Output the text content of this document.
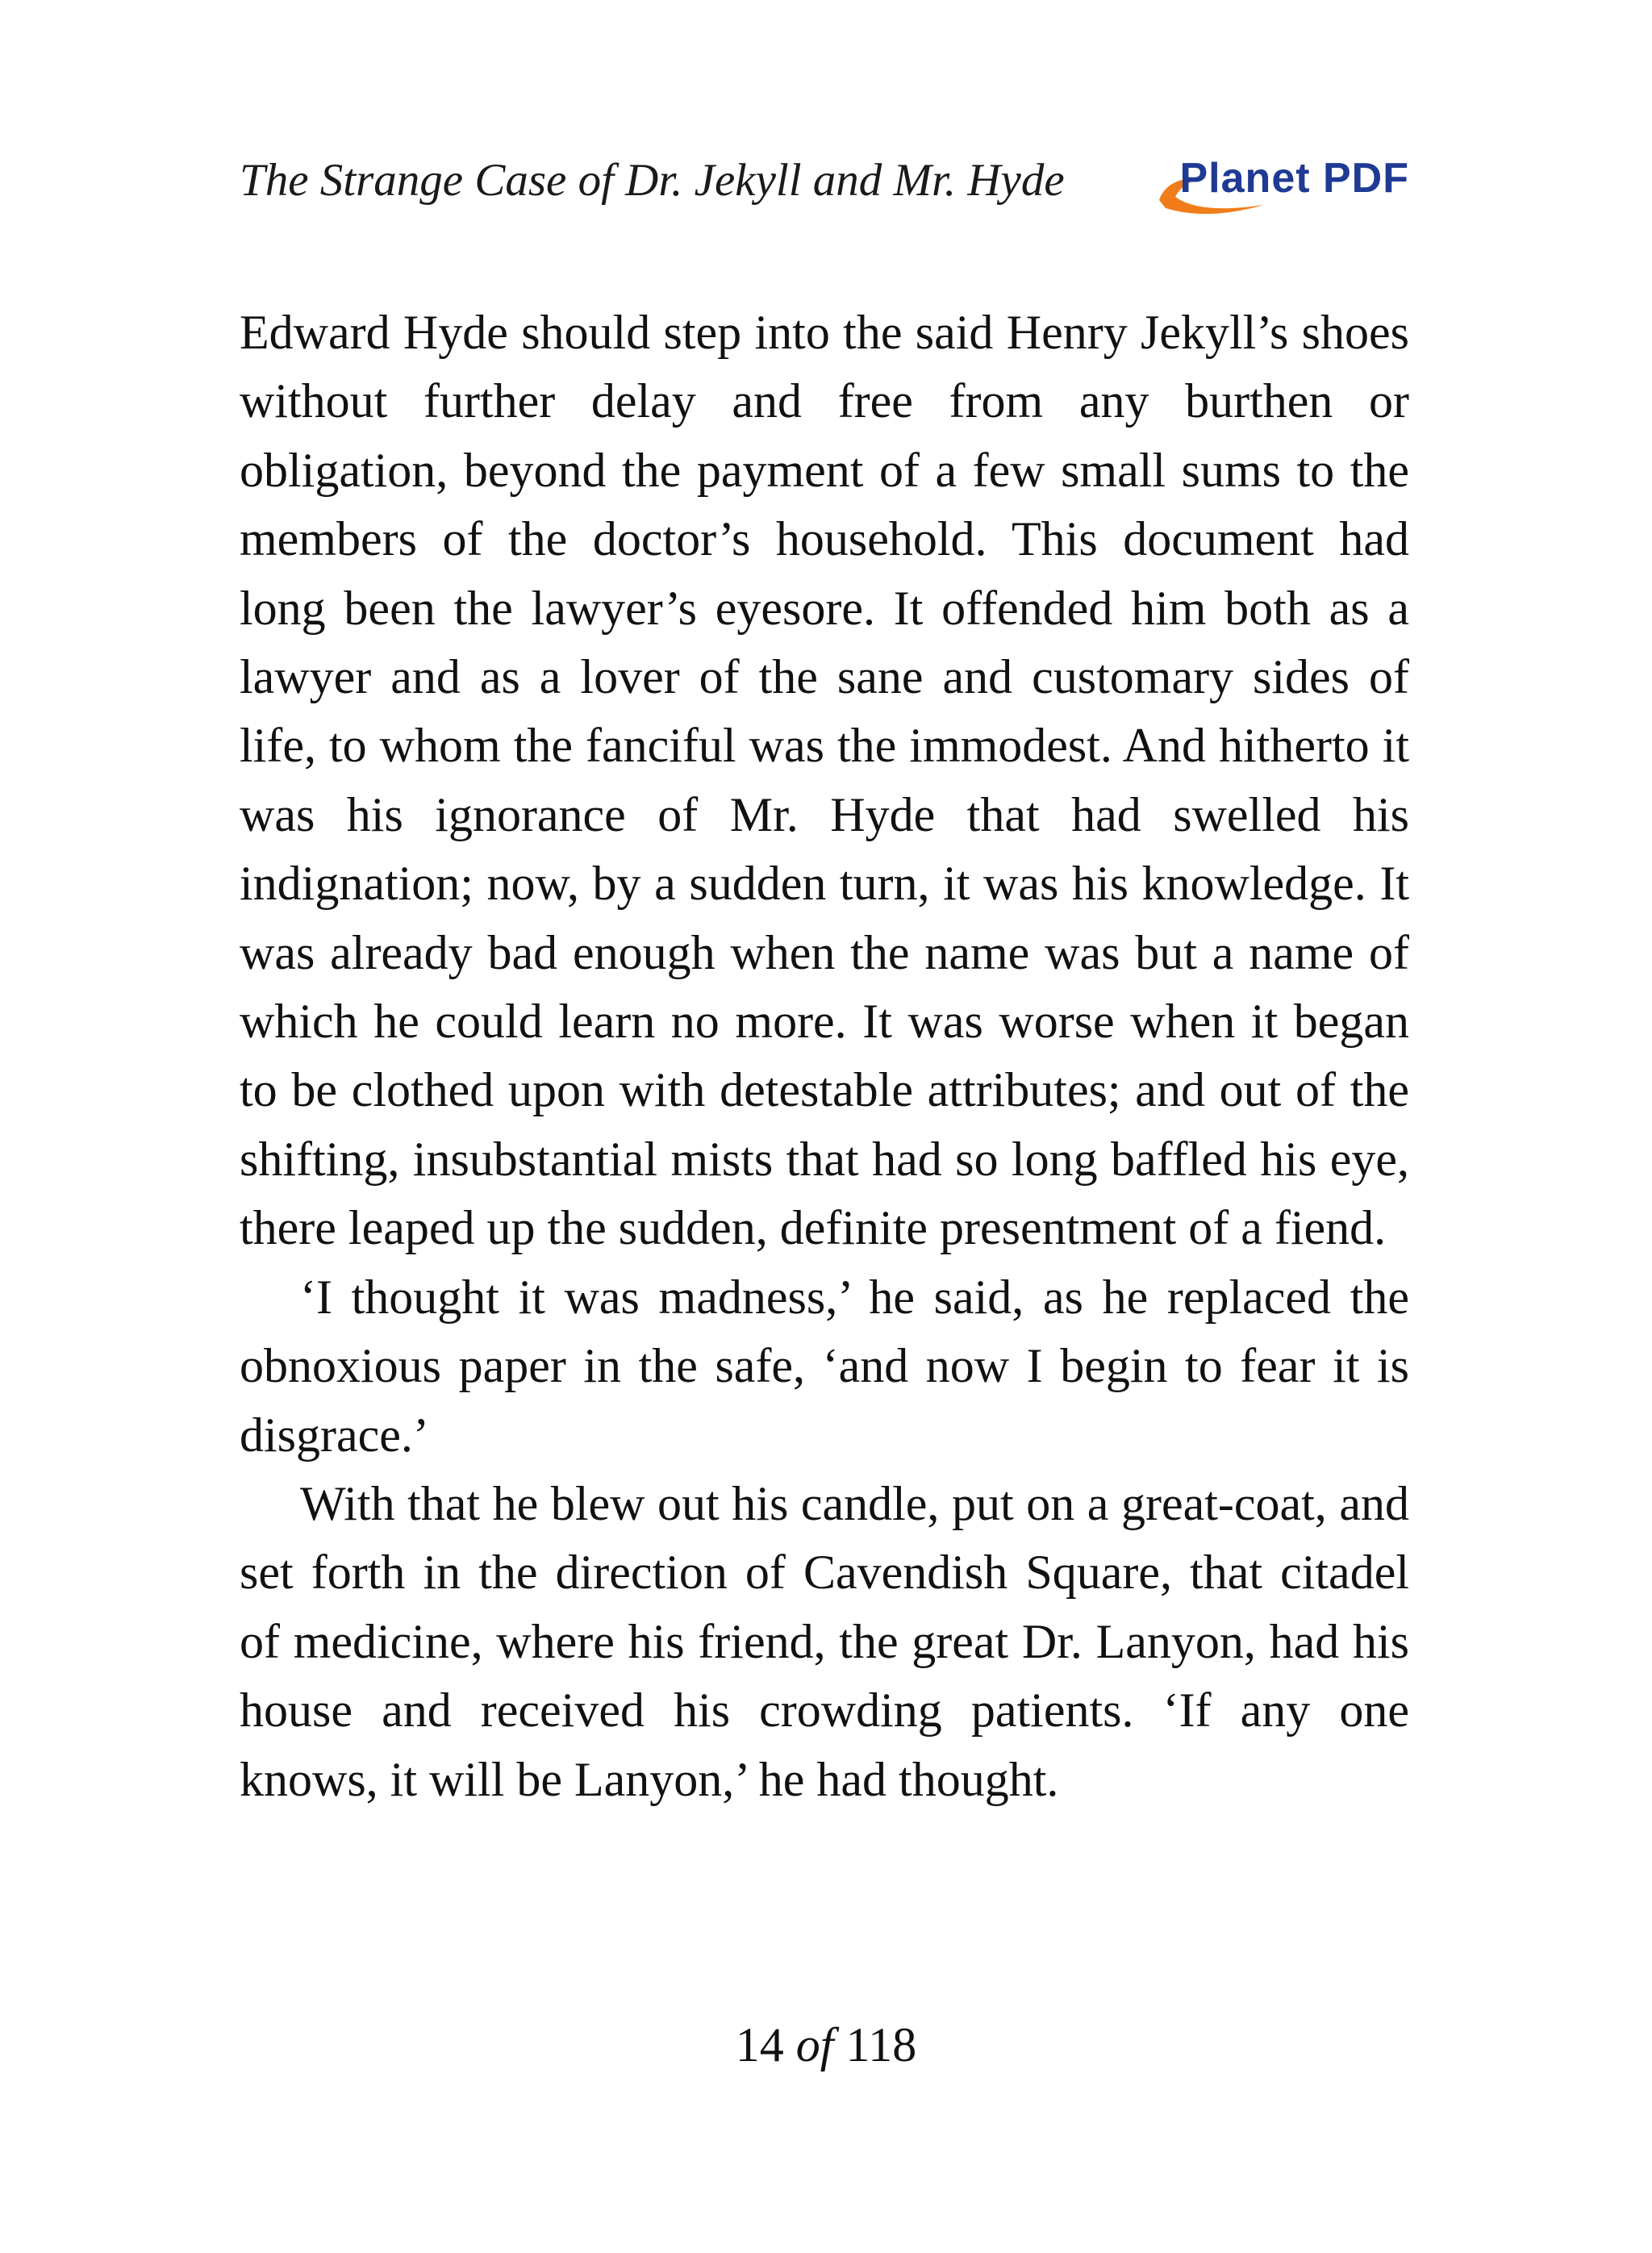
The Strange Case of Dr. Jekyll and Mr. Hyde	Planet PDF

Edward Hyde should step into the said Henry Jekyll’s shoes without further delay and free from any burthen or obligation, beyond the payment of a few small sums to the members of the doctor’s household. This document had long been the lawyer’s eyesore. It offended him both as a lawyer and as a lover of the sane and customary sides of life, to whom the fanciful was the immodest. And hitherto it was his ignorance of Mr. Hyde that had swelled his indignation; now, by a sudden turn, it was his knowledge. It was already bad enough when the name was but a name of which he could learn no more. It was worse when it began to be clothed upon with detestable attributes; and out of the shifting, insubstantial mists that had so long baffled his eye, there leaped up the sudden, definite presentment of a fiend.

‘I thought it was madness,’ he said, as he replaced the obnoxious paper in the safe, ‘and now I begin to fear it is disgrace.’

With that he blew out his candle, put on a great-coat, and set forth in the direction of Cavendish Square, that citadel of medicine, where his friend, the great Dr. Lanyon, had his house and received his crowding patients. ‘If any one knows, it will be Lanyon,’ he had thought.

14 of 118
